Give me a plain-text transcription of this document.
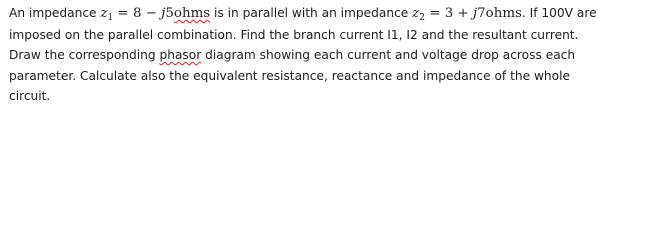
An impedance $z_1 = 8$ − j5ohms is in parallel with an impedance $z_2 = 3$ + j7ohms. If 100V are
imposed on the parallel combination. Find the branch current I1, I2 and the resultant current.
Draw the corresponding phasor diagram showing each current and voltage drop across each
parameter. Calculate also the equivalent resistance, reactance and impedance of the whole
circuit.
